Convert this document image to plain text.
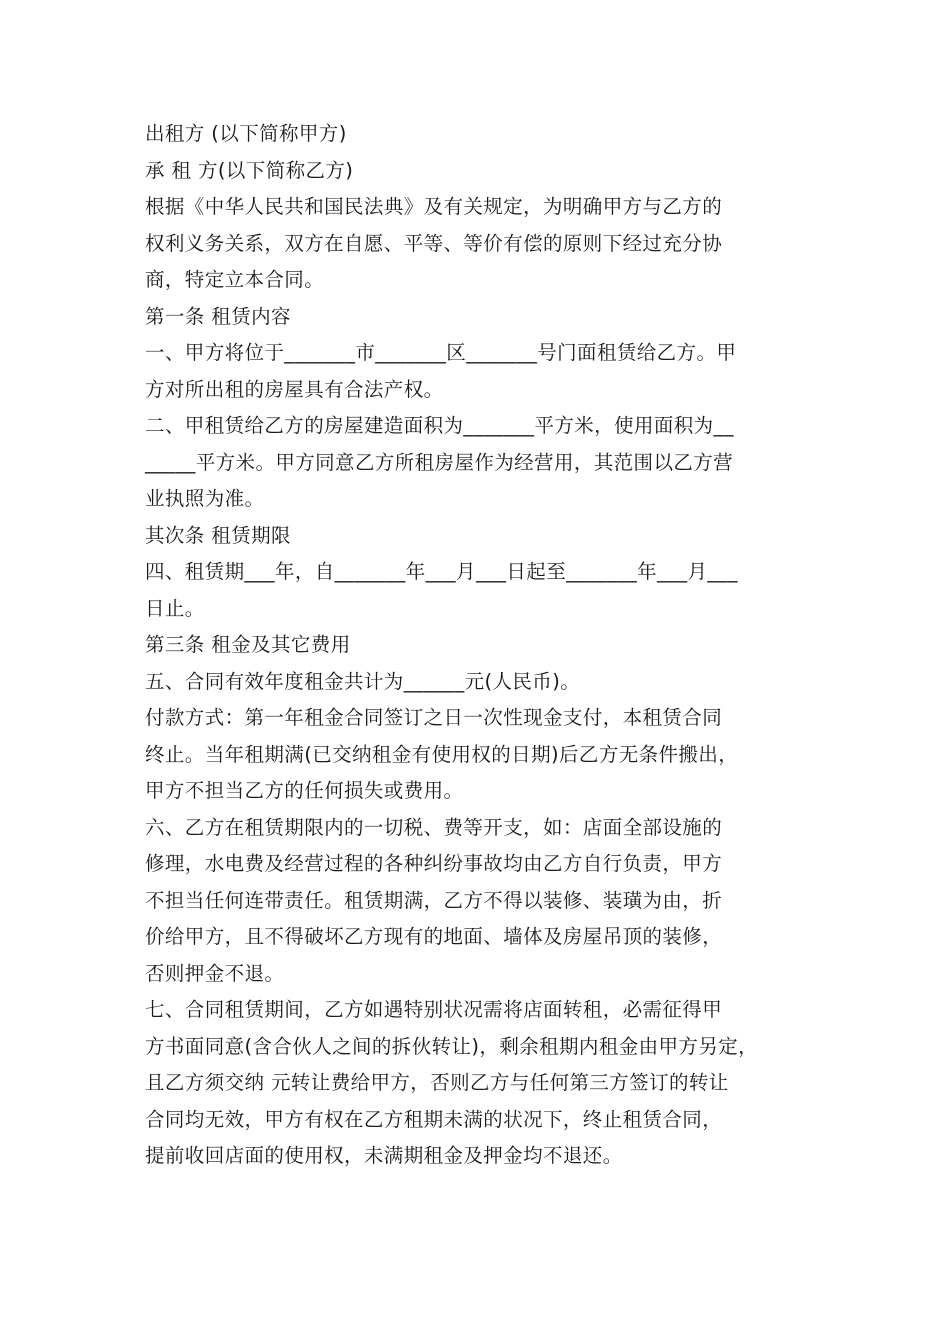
出租方 (以下简称甲方)
承 租 方(以下简称乙方)
根据《中华人民共和国民法典》及有关规定，为明确甲方与乙方的
权利义务关系，双方在自愿、平等、等价有偿的原则下经过充分协
商，特定立本合同。
第一条 租赁内容
一、甲方将位于_______市_______区_______号门面租赁给乙方。甲
方对所出租的房屋具有合法产权。
二、甲租赁给乙方的房屋建造面积为_______平方米，使用面积为__
_____平方米。甲方同意乙方所租房屋作为经营用，其范围以乙方营
业执照为准。
其次条 租赁期限
四、租赁期___年，自_______年___月___日起至_______年___月___
日止。
第三条 租金及其它费用
五、合同有效年度租金共计为______元(人民币)。
付款方式：第一年租金合同签订之日一次性现金支付，本租赁合同
终止。当年租期满(已交纳租金有使用权的日期)后乙方无条件搬出，
甲方不担当乙方的任何损失或费用。
六、乙方在租赁期限内的一切税、费等开支，如：店面全部设施的
修理，水电费及经营过程的各种纠纷事故均由乙方自行负责，甲方
不担当任何连带责任。租赁期满，乙方不得以装修、装璜为由，折
价给甲方，且不得破坏乙方现有的地面、墙体及房屋吊顶的装修，
否则押金不退。
七、合同租赁期间，乙方如遇特别状况需将店面转租，必需征得甲
方书面同意(含合伙人之间的拆伙转让)，剩余租期内租金由甲方另定，
且乙方须交纳 元转让费给甲方，否则乙方与任何第三方签订的转让
合同均无效，甲方有权在乙方租期未满的状况下，终止租赁合同，
提前收回店面的使用权，未满期租金及押金均不退还。
